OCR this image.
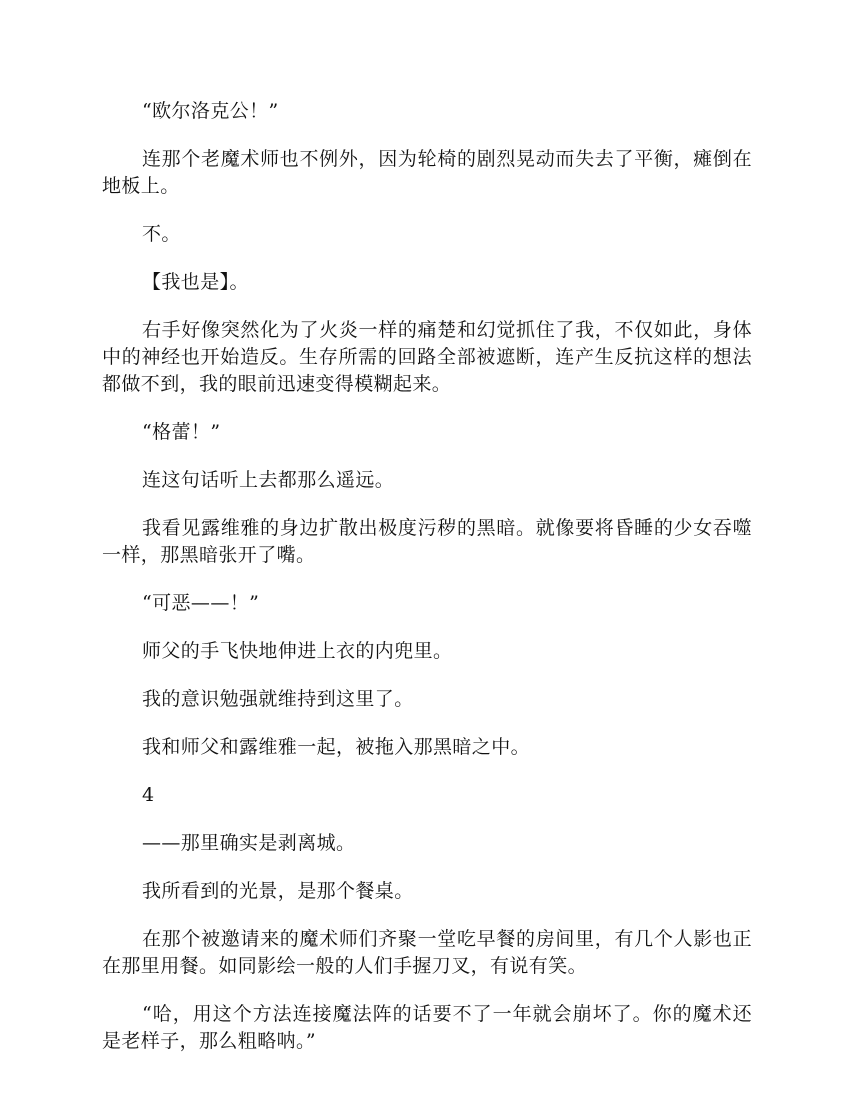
“欧尔洛克公！”

连那个老魔术师也不例外，因为轮椅的剧烈晃动而失去了平衡，瘫倒在地板上。

不。

【我也是】。

右手好像突然化为了火炎一样的痛楚和幻觉抓住了我，不仅如此，身体中的神经也开始造反。生存所需的回路全部被遮断，连产生反抗这样的想法都做不到，我的眼前迅速变得模糊起来。

“格蕾！”

连这句话听上去都那么遥远。

我看见露维雅的身边扩散出极度污秽的黑暗。就像要将昏睡的少女吞噬一样，那黑暗张开了嘴。

“可恶——！”

师父的手飞快地伸进上衣的内兜里。

我的意识勉强就维持到这里了。

我和师父和露维雅一起，被拖入那黑暗之中。

4

——那里确实是剥离城。

我所看到的光景，是那个餐桌。

在那个被邀请来的魔术师们齐聚一堂吃早餐的房间里，有几个人影也正在那里用餐。如同影绘一般的人们手握刀叉，有说有笑。

“哈，用这个方法连接魔法阵的话要不了一年就会崩坏了。你的魔术还是老样子，那么粗略呐。”
